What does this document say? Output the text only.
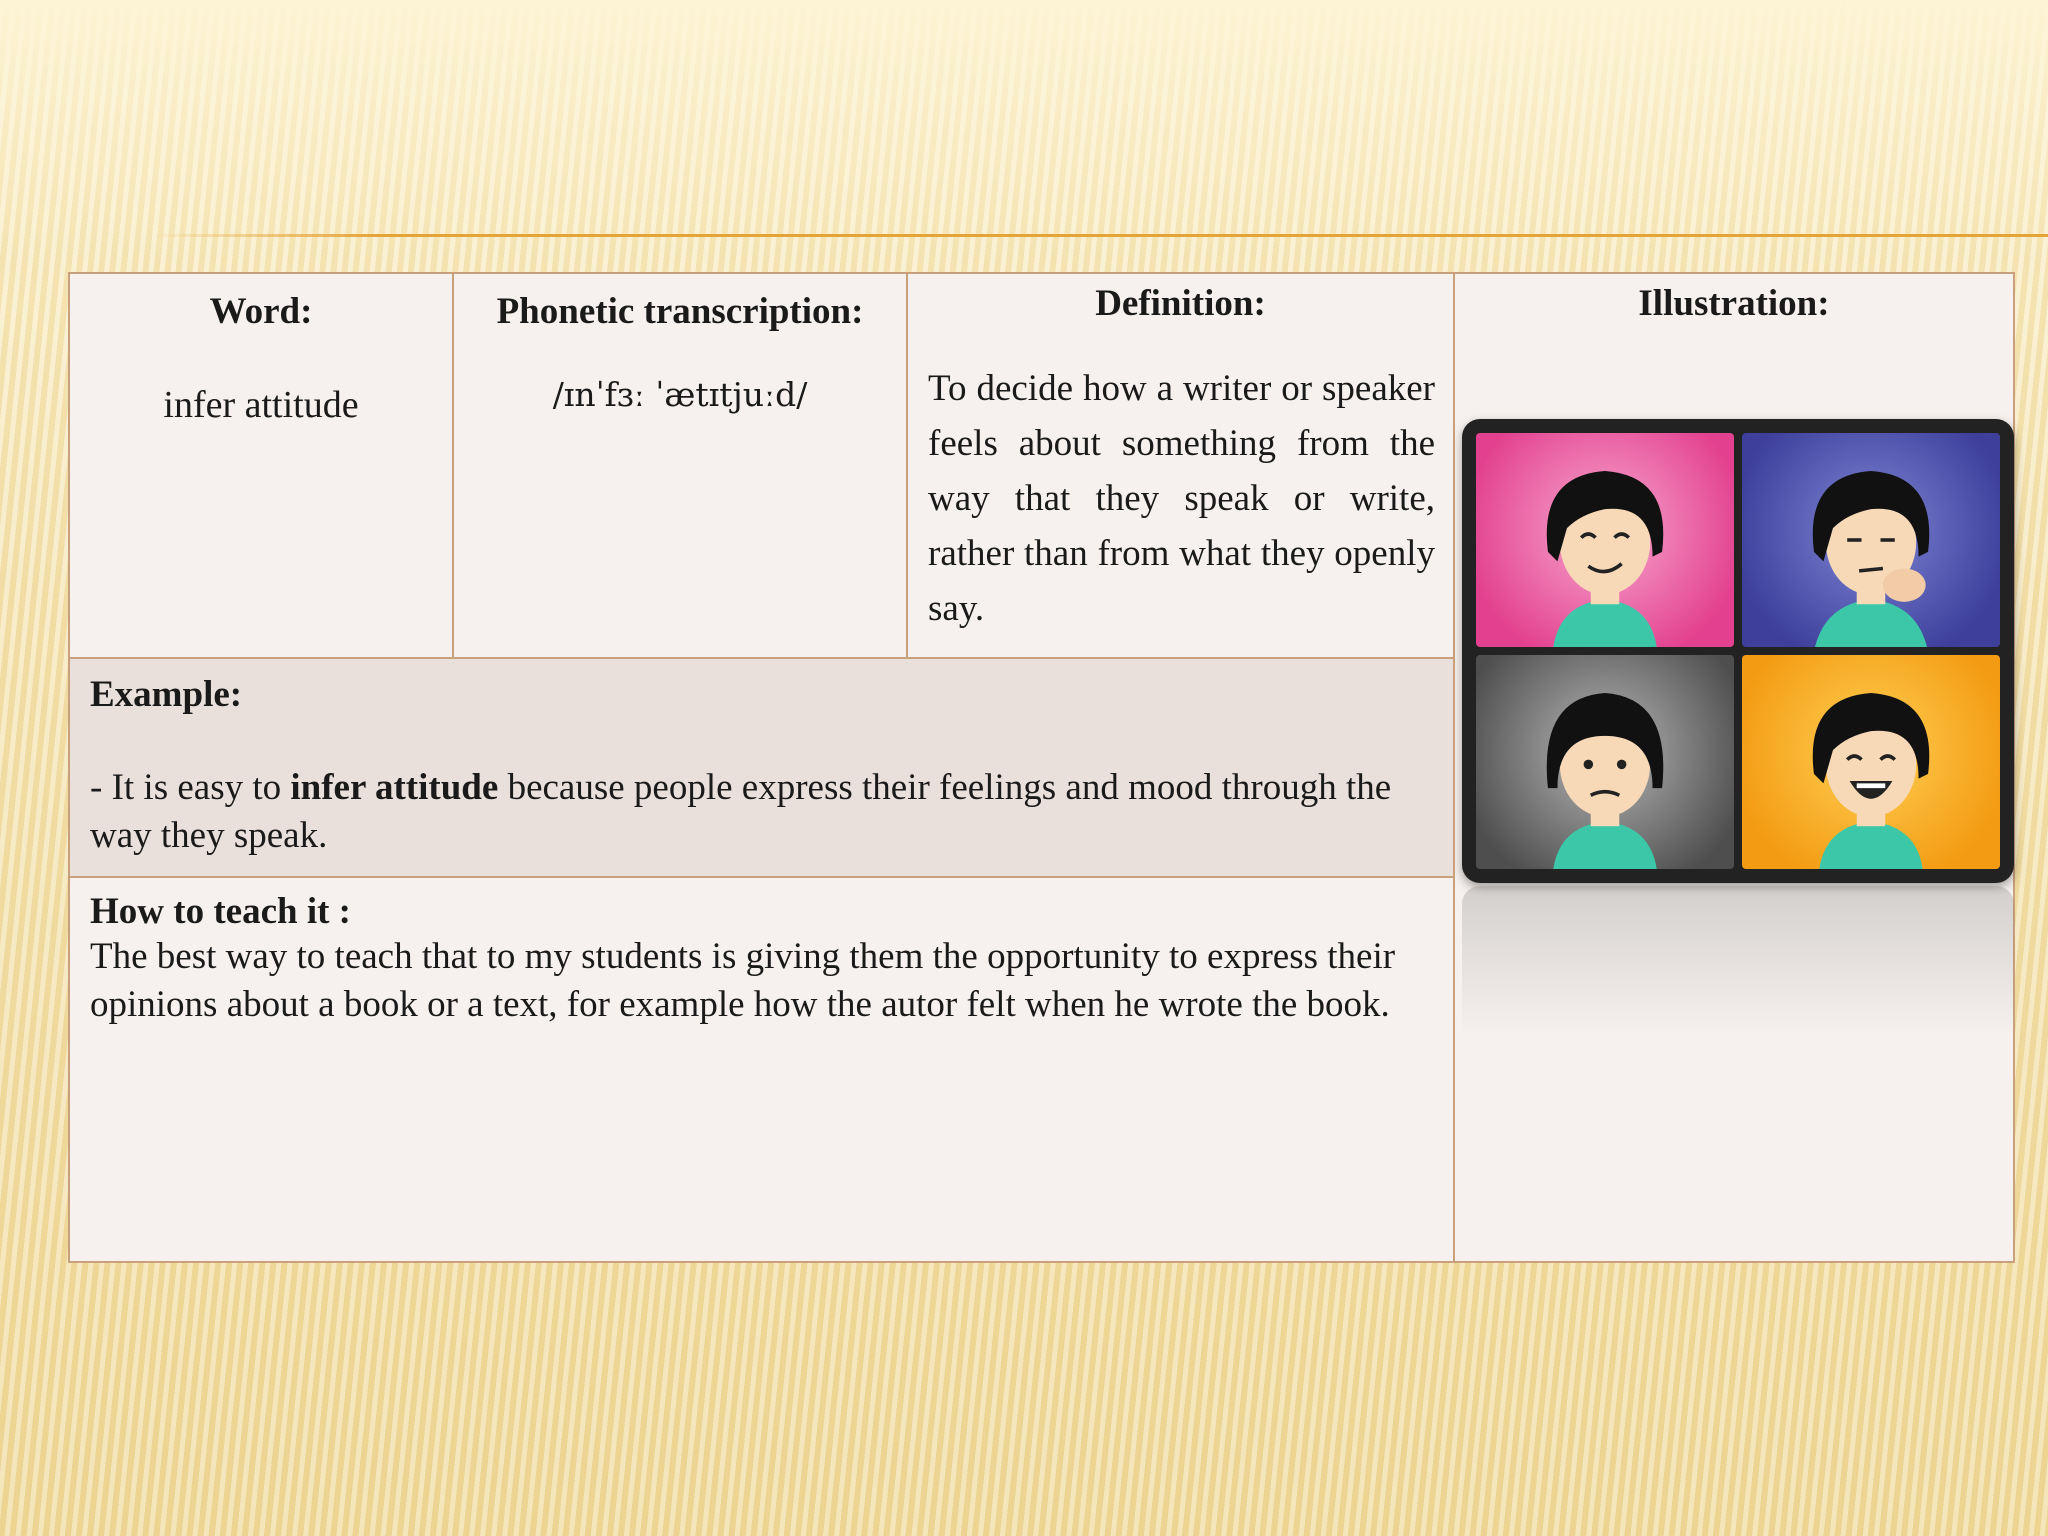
Word:
infer attitude
Phonetic transcription:
/ɪnˈfɜː ˈætɪtjuːd/
Definition:
To decide how a writer or speaker feels about something from the way that they speak or write, rather than from what they openly say.
Illustration:
Example:
- It is easy to infer attitude because people express their feelings and mood through the way they speak.
How to teach it :
The best way to teach that to my students is giving them the opportunity to express their opinions about a book or a text, for example how the autor felt when he wrote the book.
